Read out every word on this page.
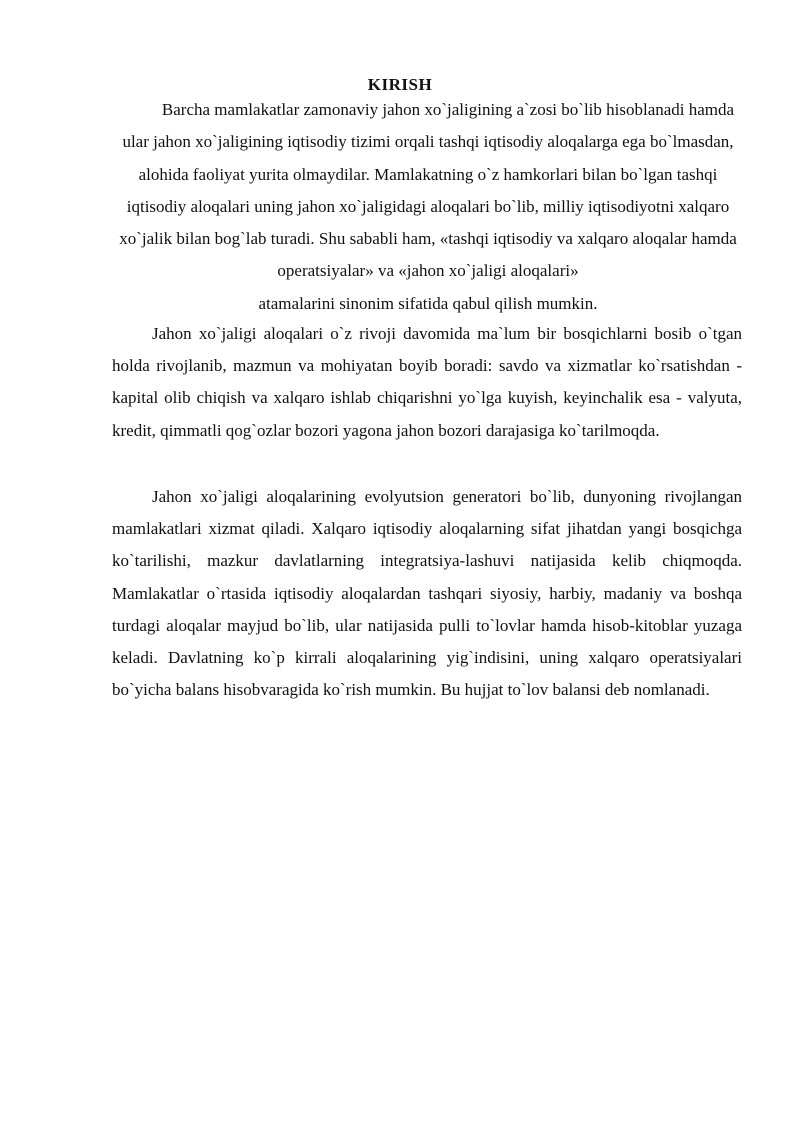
KIRISH

Barcha mamlakatlar zamonaviy jahon xo`jaligining a`zosi bo`lib hisoblanadi hamda ular jahon xo`jaligining iqtisodiy tizimi orqali tashqi iqtisodiy aloqalarga ega bo`lmasdan, alohida faoliyat yurita olmaydilar. Mamlakatning o`z hamkorlari bilan bo`lgan tashqi iqtisodiy aloqalari uning jahon xo`jaligidagi aloqalari bo`lib, milliy iqtisodiyotni xalqaro xo`jalik bilan bog`lab turadi. Shu sababli ham, «tashqi iqtisodiy va xalqaro aloqalar hamda operatsiyalar» va «jahon xo`jaligi aloqalari»
atamalarini sinonim sifatida qabul qilish mumkin.

Jahon xo`jaligi aloqalari o`z rivoji davomida ma`lum bir bosqichlarni bosib o`tgan holda rivojlanib, mazmun va mohiyatan boyib boradi: savdo va xizmatlar ko`rsatishdan - kapital olib chiqish va xalqaro ishlab chiqarishni yo`lga kuyish, keyinchalik esa - valyuta, kredit, qimmatli qog`ozlar bozori yagona jahon bozori darajasiga ko`tarilmoqda.

Jahon xo`jaligi aloqalarining evolyutsion generatori bo`lib, dunyoning rivojlangan mamlakatlari xizmat qiladi. Xalqaro iqtisodiy aloqalarning sifat jihatdan yangi bosqichga ko`tarilishi, mazkur davlatlarning integratsiya-lashuvi natijasida kelib chiqmoqda. Mamlakatlar o`rtasida iqtisodiy aloqalardan tashqari siyosiy, harbiy, madaniy va boshqa turdagi aloqalar mayjud bo`lib, ular natijasida pulli to`lovlar hamda hisob-kitoblar yuzaga keladi. Davlatning ko`p kirrali aloqalarining yig`indisini, uning xalqaro operatsiyalari bo`yicha balans hisobvaragida ko`rish mumkin. Bu hujjat to`lov balansi deb nomlanadi.
